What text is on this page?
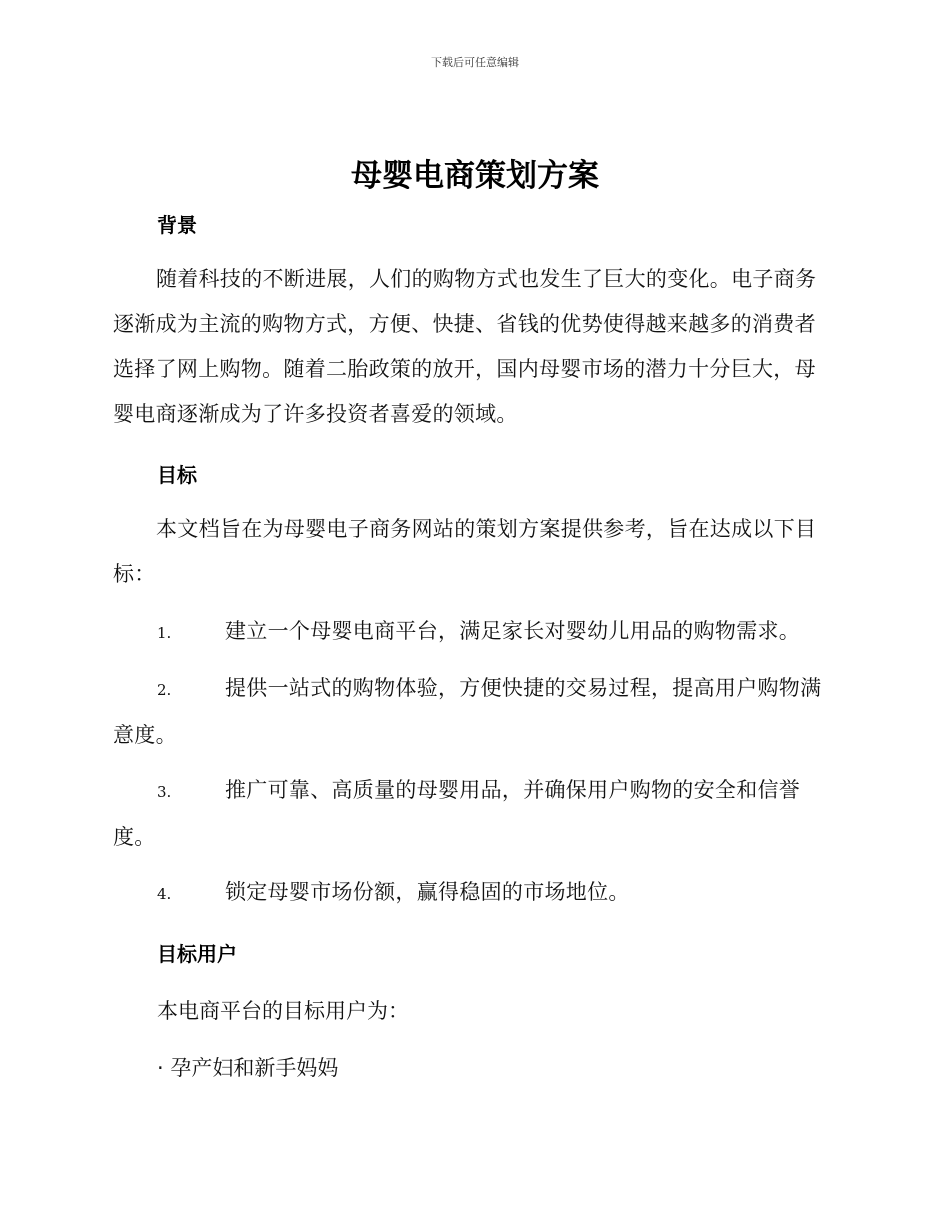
下载后可任意编辑
母婴电商策划方案
背景

随着科技的不断进展，人们的购物方式也发生了巨大的变化。电子商务逐渐成为主流的购物方式，方便、快捷、省钱的优势使得越来越多的消费者选择了网上购物。随着二胎政策的放开，国内母婴市场的潜力十分巨大，母婴电商逐渐成为了许多投资者喜爱的领域。

目标

本文档旨在为母婴电子商务网站的策划方案提供参考，旨在达成以下目标：

1.	建立一个母婴电商平台，满足家长对婴幼儿用品的购物需求。
2.	提供一站式的购物体验，方便快捷的交易过程，提高用户购物满意度。
3.	推广可靠、高质量的母婴用品，并确保用户购物的安全和信誉度。
4.	锁定母婴市场份额，赢得稳固的市场地位。
目标用户

本电商平台的目标用户为：

· 孕产妇和新手妈妈
